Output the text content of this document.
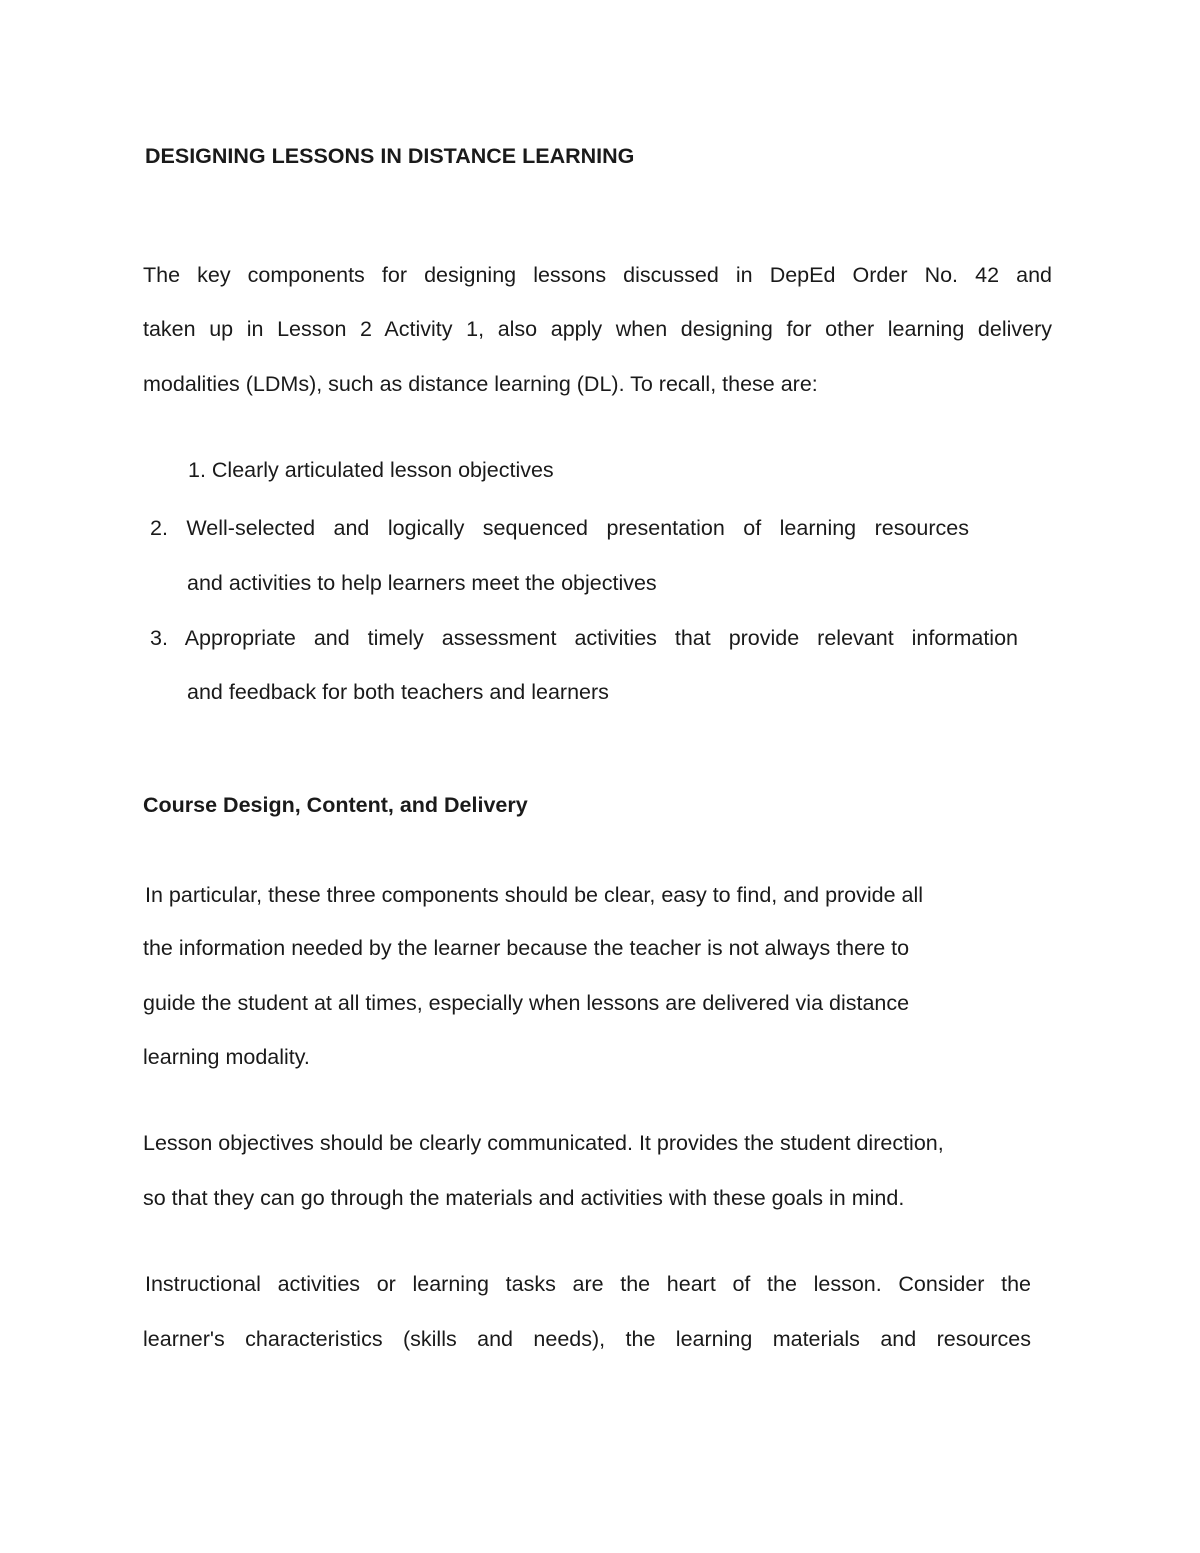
DESIGNING LESSONS IN DISTANCE LEARNING
The key components for designing lessons discussed in DepEd Order No. 42 and
taken up in Lesson 2 Activity 1, also apply when designing for other learning delivery
modalities (LDMs), such as distance learning (DL). To recall, these are:
1. Clearly articulated lesson objectives
2. Well-selected and logically sequenced presentation of learning resources
and activities to help learners meet the objectives
3. Appropriate and timely assessment activities that provide relevant information
and feedback for both teachers and learners
Course Design, Content, and Delivery
In particular, these three components should be clear, easy to find, and provide all
the information needed by the learner because the teacher is not always there to
guide the student at all times, especially when lessons are delivered via distance
learning modality.
Lesson objectives should be clearly communicated. It provides the student direction,
so that they can go through the materials and activities with these goals in mind.
Instructional activities or learning tasks are the heart of the lesson. Consider the
learner's characteristics (skills and needs), the learning materials and resources
